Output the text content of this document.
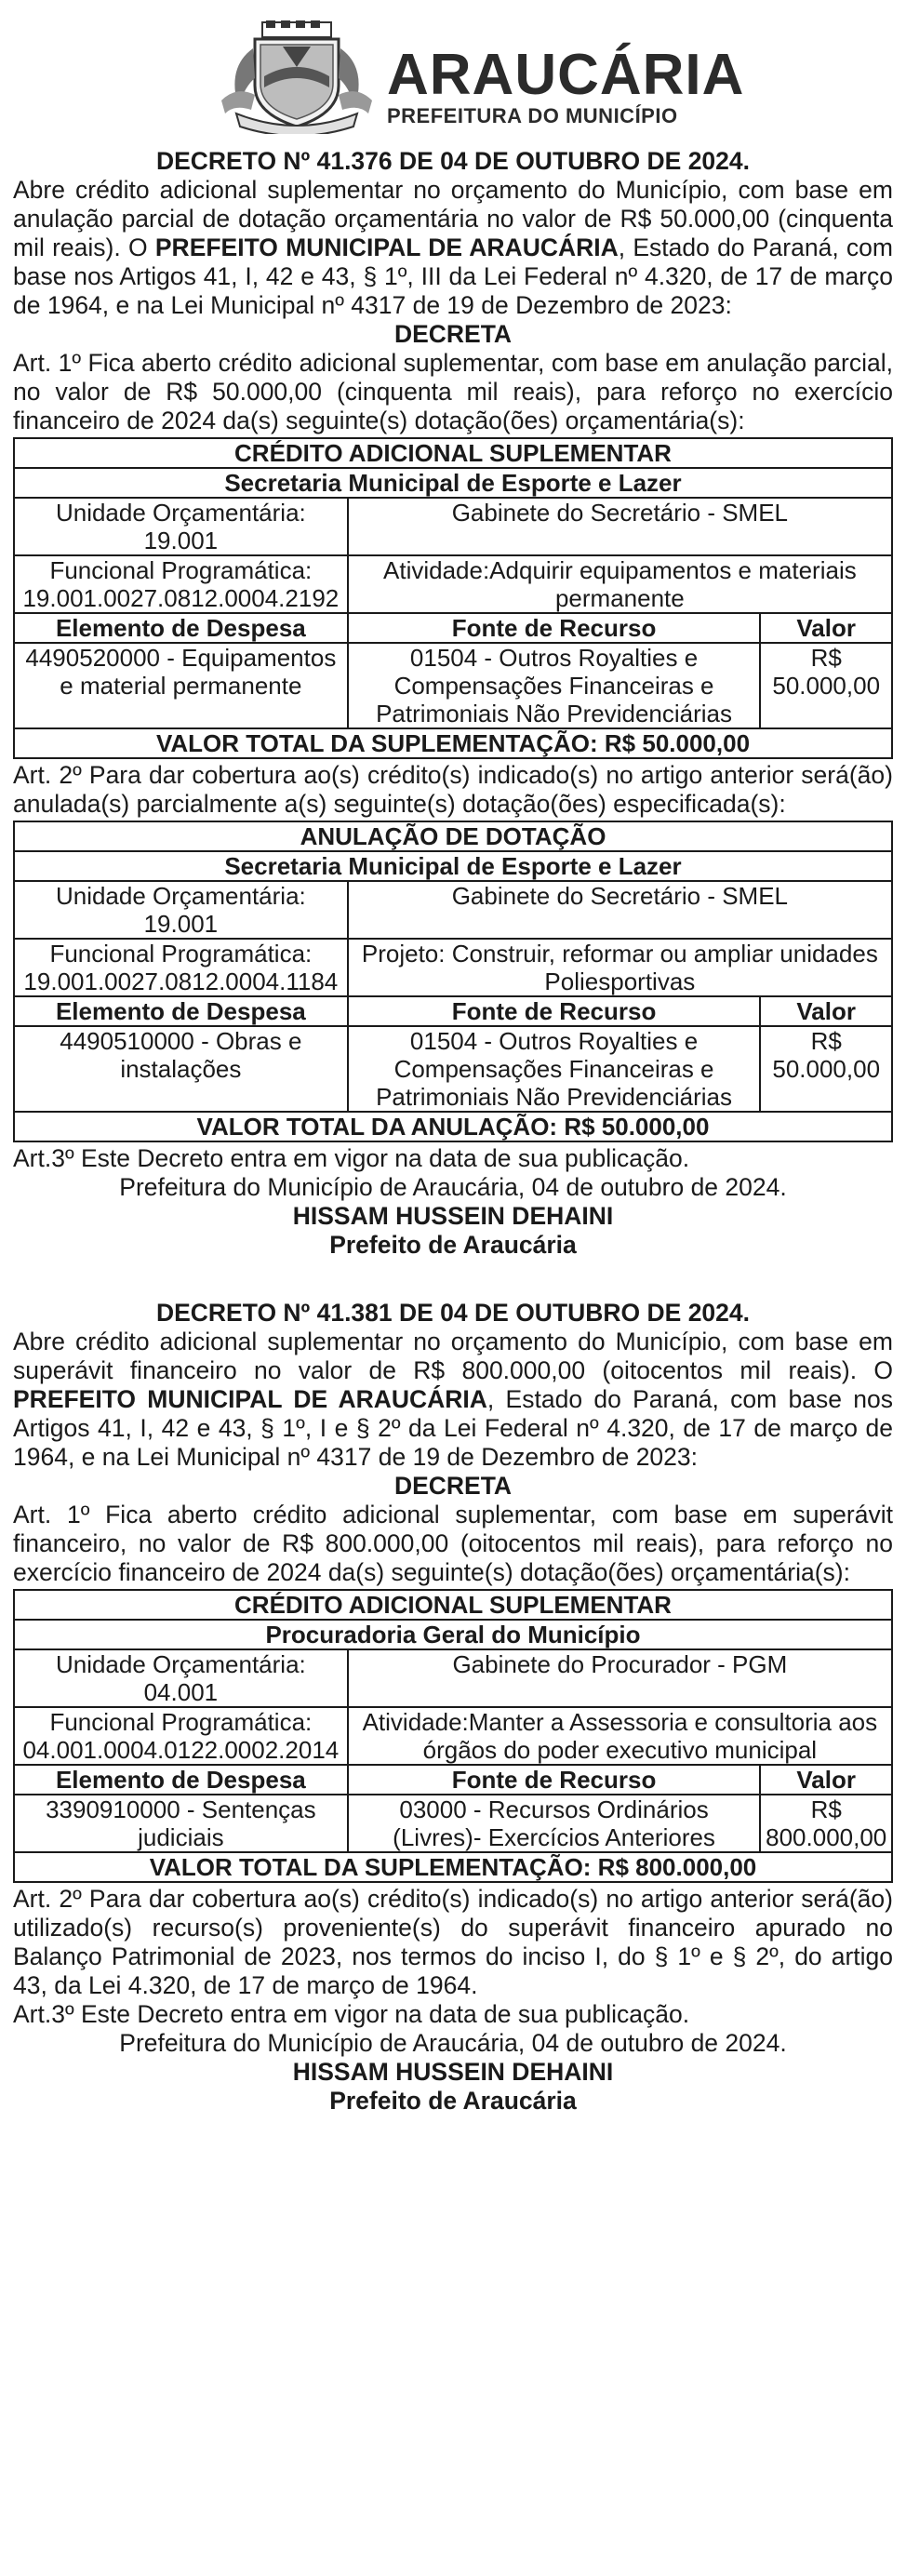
ARAUCÁRIA
PREFEITURA DO MUNICÍPIO
DECRETO Nº 41.376 DE 04 DE OUTUBRO DE 2024.
Abre crédito adicional suplementar no orçamento do Município, com base em anulação parcial de dotação orçamentária no valor de R$ 50.000,00 (cinquenta mil reais). O PREFEITO MUNICIPAL DE ARAUCÁRIA, Estado do Paraná, com base nos Artigos 41, I, 42 e 43, § 1º, III da Lei Federal nº 4.320, de 17 de março de 1964, e na Lei Municipal nº 4317 de 19 de Dezembro de 2023:
DECRETA
Art. 1º Fica aberto crédito adicional suplementar, com base em anulação parcial, no valor de R$ 50.000,00 (cinquenta mil reais), para reforço no exercício financeiro de 2024 da(s) seguinte(s) dotação(ões) orçamentária(s):
CRÉDITO ADICIONAL SUPLEMENTAR		
Secretaria Municipal de Esporte e Lazer		
Unidade Orçamentária: 19.001	Gabinete do Secretário - SMEL	
Funcional Programática: 19.001.0027.0812.0004.2192	Atividade:Adquirir equipamentos e materiais permanente	
Elemento de Despesa	Fonte de Recurso	Valor
4490520000 - Equipamentos e material permanente	01504 - Outros Royalties e Compensações Financeiras e Patrimoniais Não Previdenciárias	R$ 50.000,00
VALOR TOTAL DA SUPLEMENTAÇÃO: R$ 50.000,00		
Art. 2º Para dar cobertura ao(s) crédito(s) indicado(s) no artigo anterior será(ão) anulada(s) parcialmente a(s) seguinte(s) dotação(ões) especificada(s):
ANULAÇÃO DE DOTAÇÃO		
Secretaria Municipal de Esporte e Lazer		
Unidade Orçamentária: 19.001	Gabinete do Secretário - SMEL	
Funcional Programática: 19.001.0027.0812.0004.1184	Projeto: Construir, reformar ou ampliar unidades Poliesportivas	
Elemento de Despesa	Fonte de Recurso	Valor
4490510000 - Obras e instalações	01504 - Outros Royalties e Compensações Financeiras e Patrimoniais Não Previdenciárias	R$ 50.000,00
VALOR TOTAL DA ANULAÇÃO: R$ 50.000,00		
Art.3º Este Decreto entra em vigor na data de sua publicação.
Prefeitura do Município de Araucária, 04 de outubro de 2024.
HISSAM HUSSEIN DEHAINI
Prefeito de Araucária
DECRETO Nº 41.381 DE 04 DE OUTUBRO DE 2024.
Abre crédito adicional suplementar no orçamento do Município, com base em superávit financeiro no valor de R$ 800.000,00 (oitocentos mil reais). O PREFEITO MUNICIPAL DE ARAUCÁRIA, Estado do Paraná, com base nos Artigos 41, I, 42 e 43, § 1º, I e § 2º da Lei Federal nº 4.320, de 17 de março de 1964, e na Lei Municipal nº 4317 de 19 de Dezembro de 2023:
DECRETA
Art. 1º Fica aberto crédito adicional suplementar, com base em superávit financeiro, no valor de R$ 800.000,00 (oitocentos mil reais), para reforço no exercício financeiro de 2024 da(s) seguinte(s) dotação(ões) orçamentária(s):
CRÉDITO ADICIONAL SUPLEMENTAR		
Procuradoria Geral do Município		
Unidade Orçamentária: 04.001	Gabinete do Procurador - PGM	
Funcional Programática: 04.001.0004.0122.0002.2014	Atividade:Manter a Assessoria e consultoria aos órgãos do poder executivo municipal	
Elemento de Despesa	Fonte de Recurso	Valor
3390910000 - Sentenças judiciais	03000 - Recursos Ordinários (Livres)- Exercícios Anteriores	R$ 800.000,00
VALOR TOTAL DA SUPLEMENTAÇÃO: R$ 800.000,00		
Art. 2º Para dar cobertura ao(s) crédito(s) indicado(s) no artigo anterior será(ão) utilizado(s) recurso(s) proveniente(s) do superávit financeiro apurado no Balanço Patrimonial de 2023, nos termos do inciso I, do § 1º e § 2º, do artigo 43, da Lei 4.320, de 17 de março de 1964.
Art.3º Este Decreto entra em vigor na data de sua publicação.
Prefeitura do Município de Araucária, 04 de outubro de 2024.
HISSAM HUSSEIN DEHAINI
Prefeito de Araucária
